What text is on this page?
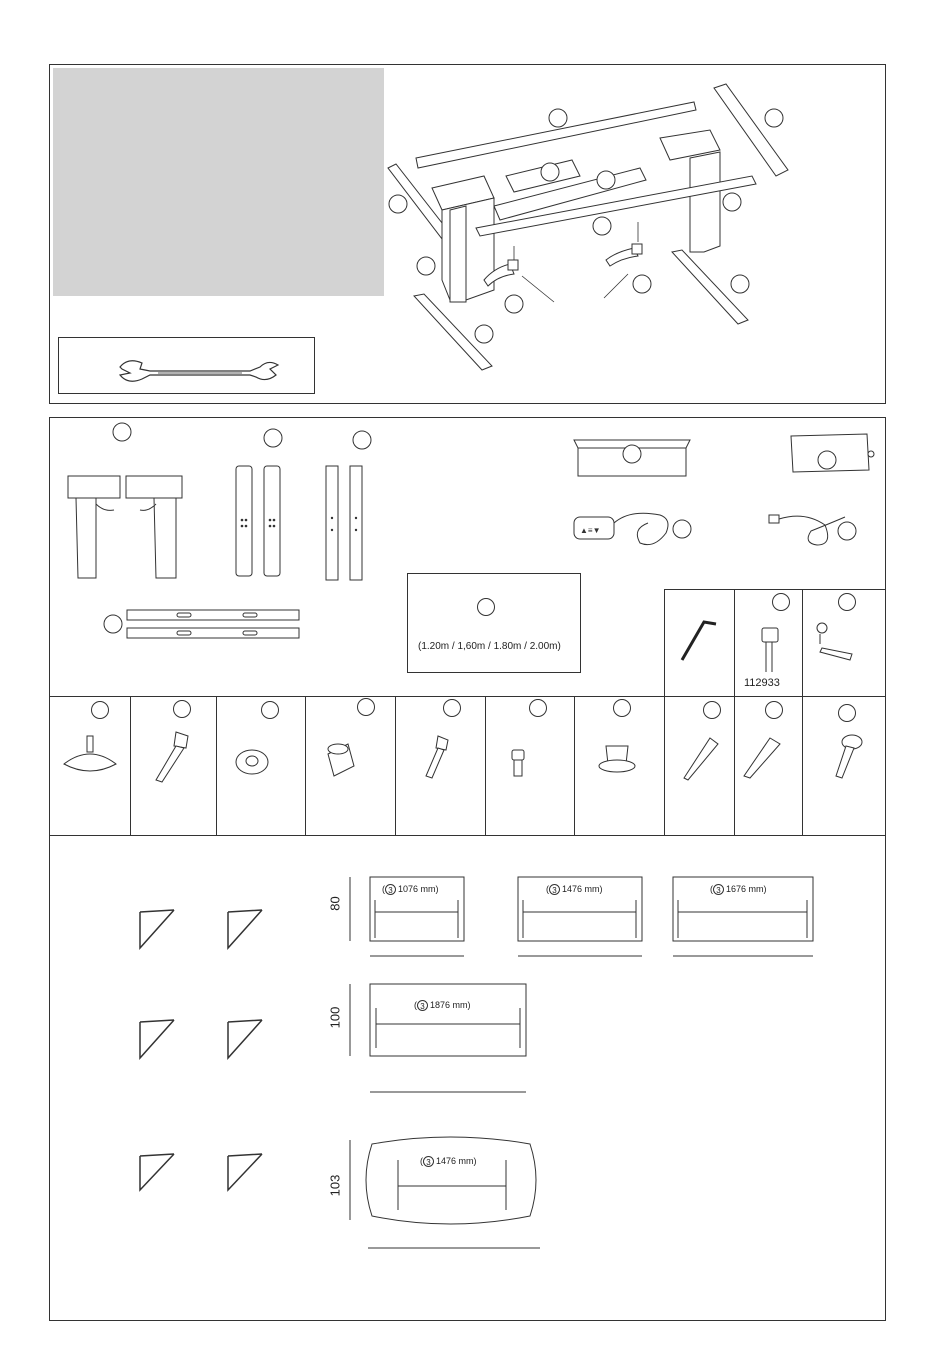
(1.20m / 1,60m / 1.80m / 2.00m)
▲≡▼
112933
80
100
103
( 3 1076 mm)	( 3 1476 mm)	( 3 1676 mm)
( 3 1876 mm)
( 3 1476 mm)
